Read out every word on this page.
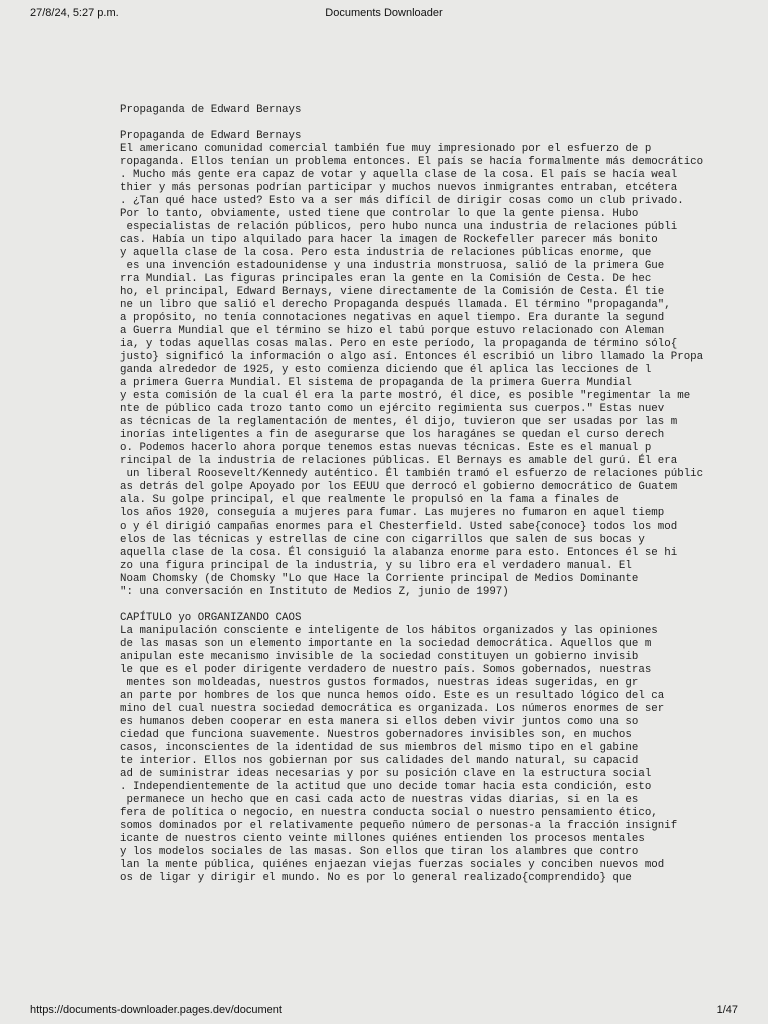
27/8/24, 5:27 p.m.	Documents Downloader
Propaganda de Edward Bernays
Propaganda de Edward Bernays
El americano comunidad comercial también fue muy impresionado por el esfuerzo de p
ropaganda. Ellos tenían un problema entonces. El país se hacía formalmente más democrático
. Mucho más gente era capaz de votar y aquella clase de la cosa. El país se hacía weal
thier y más personas podrían participar y muchos nuevos inmigrantes entraban, etcétera
. ¿Tan qué hace usted? Esto va a ser más difícil de dirigir cosas como un club privado.
Por lo tanto, obviamente, usted tiene que controlar lo que la gente piensa. Hubo
especialistas de relación públicos, pero hubo nunca una industria de relaciones públi
cas. Había un tipo alquilado para hacer la imagen de Rockefeller parecer más bonito
y aquella clase de la cosa. Pero esta industria de relaciones públicas enorme, que
es una invención estadounidense y una industria monstruosa, salió de la primera Gue
rra Mundial. Las figuras principales eran la gente en la Comisión de Cesta. De hec
ho, el principal, Edward Bernays, viene directamente de la Comisión de Cesta. Él tie
ne un libro que salió el derecho Propaganda después llamada. El término "propaganda",
a propósito, no tenía connotaciones negativas en aquel tiempo. Era durante la segund
a Guerra Mundial que el término se hizo el tabú porque estuvo relacionado con Aleman
ia, y todas aquellas cosas malas. Pero en este período, la propaganda de término sólo{
justo} significó la información o algo así. Entonces él escribió un libro llamado la Propa
ganda alrededor de 1925, y esto comienza diciendo que él aplica las lecciones de l
a primera Guerra Mundial. El sistema de propaganda de la primera Guerra Mundial
y esta comisión de la cual él era la parte mostró, él dice, es posible "regimentar la me
nte de público cada trozo tanto como un ejército regimienta sus cuerpos." Estas nuev
as técnicas de la reglamentación de mentes, él dijo, tuvieron que ser usadas por las m
inorías inteligentes a fin de asegurarse que los haragánes se quedan el curso derech
o. Podemos hacerlo ahora porque tenemos estas nuevas técnicas. Este es el manual p
rincipal de la industria de relaciones públicas. El Bernays es amable del gurú. Él era
un liberal Roosevelt/Kennedy auténtico. Él también tramó el esfuerzo de relaciones públic
as detrás del golpe Apoyado por los EEUU que derrocó el gobierno democrático de Guatem
ala. Su golpe principal, el que realmente le propulsó en la fama a finales de
los años 1920, conseguía a mujeres para fumar. Las mujeres no fumaron en aquel tiemp
o y él dirigió campañas enormes para el Chesterfield. Usted sabe{conoce} todos los mod
elos de las técnicas y estrellas de cine con cigarrillos que salen de sus bocas y
aquella clase de la cosa. Él consiguió la alabanza enorme para esto. Entonces él se hi
zo una figura principal de la industria, y su libro era el verdadero manual. El
Noam Chomsky (de Chomsky "Lo que Hace la Corriente principal de Medios Dominante
": una conversación en Instituto de Medios Z, junio de 1997)
CAPÍTULO yo ORGANIZANDO CAOS
La manipulación consciente e inteligente de los hábitos organizados y las opiniones
de las masas son un elemento importante en la sociedad democrática. Aquellos que m
anipulan este mecanismo invisible de la sociedad constituyen un gobierno invisib
le que es el poder dirigente verdadero de nuestro país. Somos gobernados, nuestras
mentes son moldeadas, nuestros gustos formados, nuestras ideas sugeridas, en gr
an parte por hombres de los que nunca hemos oído. Este es un resultado lógico del ca
mino del cual nuestra sociedad democrática es organizada. Los números enormes de ser
es humanos deben cooperar en esta manera si ellos deben vivir juntos como una so
ciedad que funciona suavemente. Nuestros gobernadores invisibles son, en muchos
casos, inconscientes de la identidad de sus miembros del mismo tipo en el gabine
te interior. Ellos nos gobiernan por sus calidades del mando natural, su capacid
ad de suministrar ideas necesarias y por su posición clave en la estructura social
. Independientemente de la actitud que uno decide tomar hacia esta condición, esto
permanece un hecho que en casi cada acto de nuestras vidas diarias, si en la es
fera de política o negocio, en nuestra conducta social o nuestro pensamiento ético,
somos dominados por el relativamente pequeño número de personas-a la fracción insignif
icante de nuestros ciento veinte millones quiénes entienden los procesos mentales
y los modelos sociales de las masas. Son ellos que tiran los alambres que contro
lan la mente pública, quiénes enjaezan viejas fuerzas sociales y conciben nuevos mod
os de ligar y dirigir el mundo. No es por lo general realizado{comprendido} que
https://documents-downloader.pages.dev/document	1/47
